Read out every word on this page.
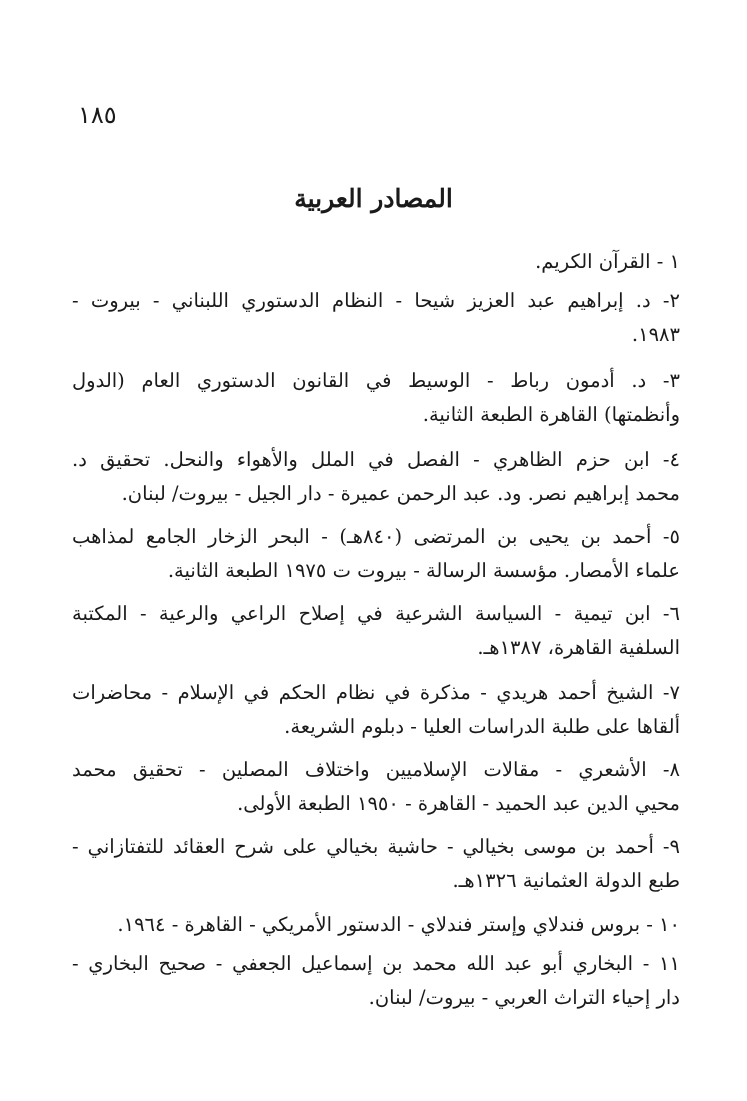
١٨٥
المصادر العربية
١ - القرآن الكريم.
٢- د. إبراهيم عبد العزيز شيحا - النظام الدستوري اللبناني - بيروت -
١٩٨٣.
٣- د. أدمون رباط - الوسيط في القانون الدستوري العام (الدول
وأنظمتها) القاهرة الطبعة الثانية.
٤- ابن حزم الظاهري - الفصل في الملل والأهواء والنحل. تحقيق د.
محمد إبراهيم نصر. ود. عبد الرحمن عميرة - دار الجيل - بيروت/ لبنان.
٥- أحمد بن يحيى بن المرتضى (٨٤٠هـ) - البحر الزخار الجامع لمذاهب
علماء الأمصار. مؤسسة الرسالة - بيروت ت ١٩٧٥ الطبعة الثانية.
٦- ابن تيمية - السياسة الشرعية في إصلاح الراعي والرعية - المكتبة
السلفية القاهرة، ١٣٨٧هـ.
٧- الشيخ أحمد هريدي - مذكرة في نظام الحكم في الإسلام - محاضرات
ألقاها على طلبة الدراسات العليا - دبلوم الشريعة.
٨- الأشعري - مقالات الإسلاميين واختلاف المصلين - تحقيق محمد
محيي الدين عبد الحميد - القاهرة - ١٩٥٠ الطبعة الأولى.
٩- أحمد بن موسى بخيالي - حاشية بخيالي على شرح العقائد للتفتازاني -
طبع الدولة العثمانية ١٣٢٦هـ.
١٠ - بروس فندلاي وإستر فندلاي - الدستور الأمريكي - القاهرة - ١٩٦٤.
١١ - البخاري أبو عبد الله محمد بن إسماعيل الجعفي - صحيح البخاري -
دار إحياء التراث العربي - بيروت/ لبنان.
